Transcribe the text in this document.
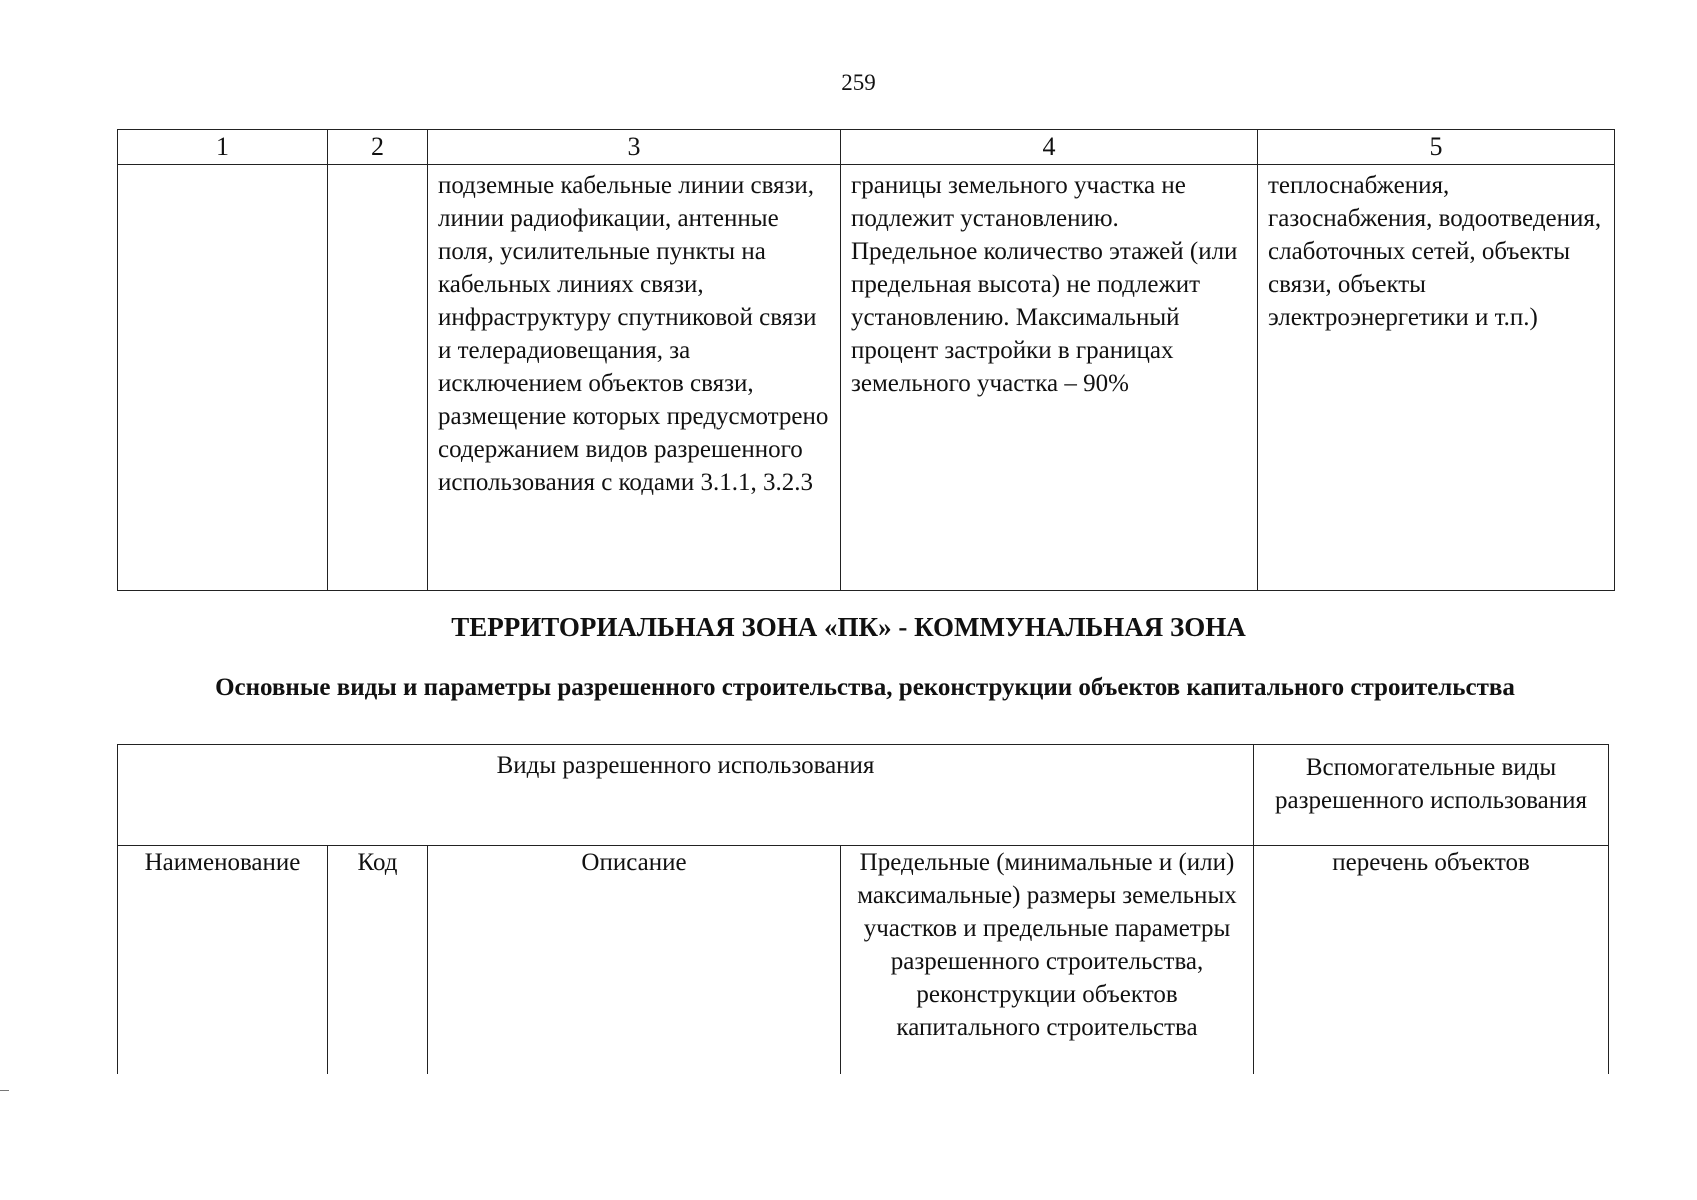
259
1	2	3	4	5

		подземные кабельные линии связи, линии радиофикации, антенные поля, усилительные пункты на кабельных линиях связи, инфраструктуру спутниковой связи и телерадиовещания, за исключением объектов связи, размещение которых предусмотрено содержанием видов разрешенного использования с кодами 3.1.1, 3.2.3	границы земельного участка не подлежит установлению. Предельное количество этажей (или предельная высота) не подлежит установлению. Максимальный процент застройки в границах земельного участка – 90%	теплоснабжения, газоснабжения, водоотведения, слаботочных сетей, объекты связи, объекты электроэнергетики и т.п.)
ТЕРРИТОРИАЛЬНАЯ ЗОНА «ПК» - КОММУНАЛЬНАЯ ЗОНА
Основные виды и параметры разрешенного строительства, реконструкции объектов капитального строительства
Виды разрешенного использования				Вспомогательные виды разрешенного использования

Наименование	Код	Описание	Предельные (минимальные и (или) максимальные) размеры земельных участков и предельные параметры разрешенного строительства, реконструкции объектов капитального строительства	перечень объектов
